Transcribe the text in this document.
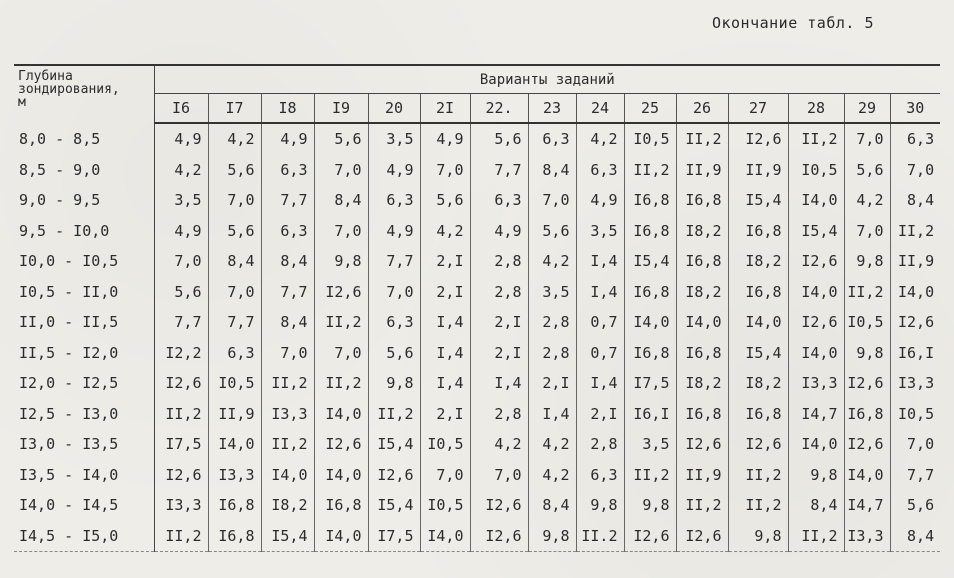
Окончание табл. 5
Глубина
зондирования,
м	Варианты заданий														
	I6	I7	I8	I9	20	2I	22.	23	24	25	26	27	28	29	30
8,0 - 8,5	4,9	4,2	4,9	5,6	3,5	4,9	5,6	6,3	4,2	I0,5	II,2	I2,6	II,2	7,0	6,3
8,5 - 9,0	4,2	5,6	6,3	7,0	4,9	7,0	7,7	8,4	6,3	II,2	II,9	II,9	I0,5	5,6	7,0
9,0 - 9,5	3,5	7,0	7,7	8,4	6,3	5,6	6,3	7,0	4,9	I6,8	I6,8	I5,4	I4,0	4,2	8,4
9,5 - I0,0	4,9	5,6	6,3	7,0	4,9	4,2	4,9	5,6	3,5	I6,8	I8,2	I6,8	I5,4	7,0	II,2
I0,0 - I0,5	7,0	8,4	8,4	9,8	7,7	2,I	2,8	4,2	I,4	I5,4	I6,8	I8,2	I2,6	9,8	II,9
I0,5 - II,0	5,6	7,0	7,7	I2,6	7,0	2,I	2,8	3,5	I,4	I6,8	I8,2	I6,8	I4,0	II,2	I4,0
II,0 - II,5	7,7	7,7	8,4	II,2	6,3	I,4	2,I	2,8	0,7	I4,0	I4,0	I4,0	I2,6	I0,5	I2,6
II,5 - I2,0	I2,2	6,3	7,0	7,0	5,6	I,4	2,I	2,8	0,7	I6,8	I6,8	I5,4	I4,0	9,8	I6,I
I2,0 - I2,5	I2,6	I0,5	II,2	II,2	9,8	I,4	I,4	2,I	I,4	I7,5	I8,2	I8,2	I3,3	I2,6	I3,3
I2,5 - I3,0	II,2	II,9	I3,3	I4,0	II,2	2,I	2,8	I,4	2,I	I6,I	I6,8	I6,8	I4,7	I6,8	I0,5
I3,0 - I3,5	I7,5	I4,0	II,2	I2,6	I5,4	I0,5	4,2	4,2	2,8	3,5	I2,6	I2,6	I4,0	I2,6	7,0
I3,5 - I4,0	I2,6	I3,3	I4,0	I4,0	I2,6	7,0	7,0	4,2	6,3	II,2	II,9	II,2	9,8	I4,0	7,7
I4,0 - I4,5	I3,3	I6,8	I8,2	I6,8	I5,4	I0,5	I2,6	8,4	9,8	9,8	II,2	II,2	8,4	I4,7	5,6
I4,5 - I5,0	II,2	I6,8	I5,4	I4,0	I7,5	I4,0	I2,6	9,8	II.2	I2,6	I2,6	9,8	II,2	I3,3	8,4
